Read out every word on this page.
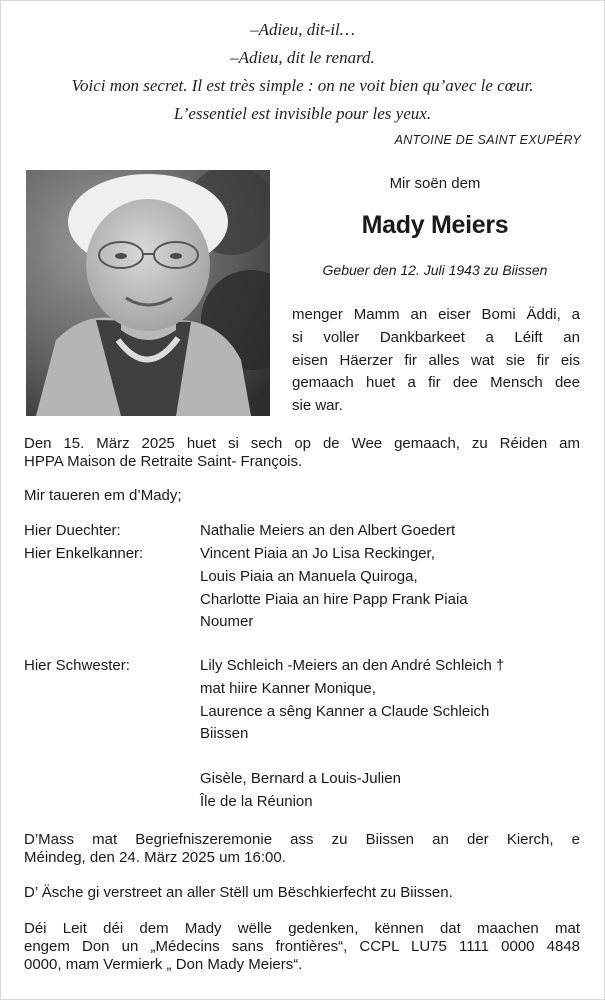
–Adieu, dit-il…
–Adieu, dit le renard.
Voici mon secret. Il est très simple : on ne voit bien qu’avec le cœur.
L’essentiel est invisible pour les yeux.
ANTOINE DE SAINT EXUPÉRY
Mir soën dem
Mady Meiers
Gebuer den 12. Juli 1943 zu Biissen
menger Mamm an eiser Bomi Äddi, a
si voller Dankbarkeet a Léift an
eisen Häerzer fir alles wat sie fir eis
gemaach huet a fir dee Mensch dee
sie war.
Den 15. März 2025 huet si sech op de Wee gemaach, zu Réiden am
HPPA Maison de Retraite Saint- François.
Mir taueren em d’Mady;
Hier Duechter:	Nathalie Meiers an den Albert Goedert
Hier Enkelkanner:	Vincent Piaia an Jo Lisa Reckinger,
Louis Piaia an Manuela Quiroga,
Charlotte Piaia an hire Papp Frank Piaia
Noumer
Hier Schwester:	Lily Schleich -Meiers an den André Schleich †
mat hiire Kanner Monique,
Laurence a sêng Kanner a Claude Schleich
Biissen
Gisèle, Bernard a Louis-Julien
Île de la Réunion
D’Mass mat Begriefniszeremonie ass zu Biissen an der Kierch, e
Méindeg, den 24. März 2025 um 16:00.
D’ Äsche gi verstreet an aller Stëll um Bëschkierfecht zu Biissen.
Déi Leit déi dem Mady wëlle gedenken, kënnen dat maachen mat
engem Don un „Médecins sans frontières“, CCPL LU75 1111 0000 4848
0000, mam Vermierk „ Don Mady Meiers“.
